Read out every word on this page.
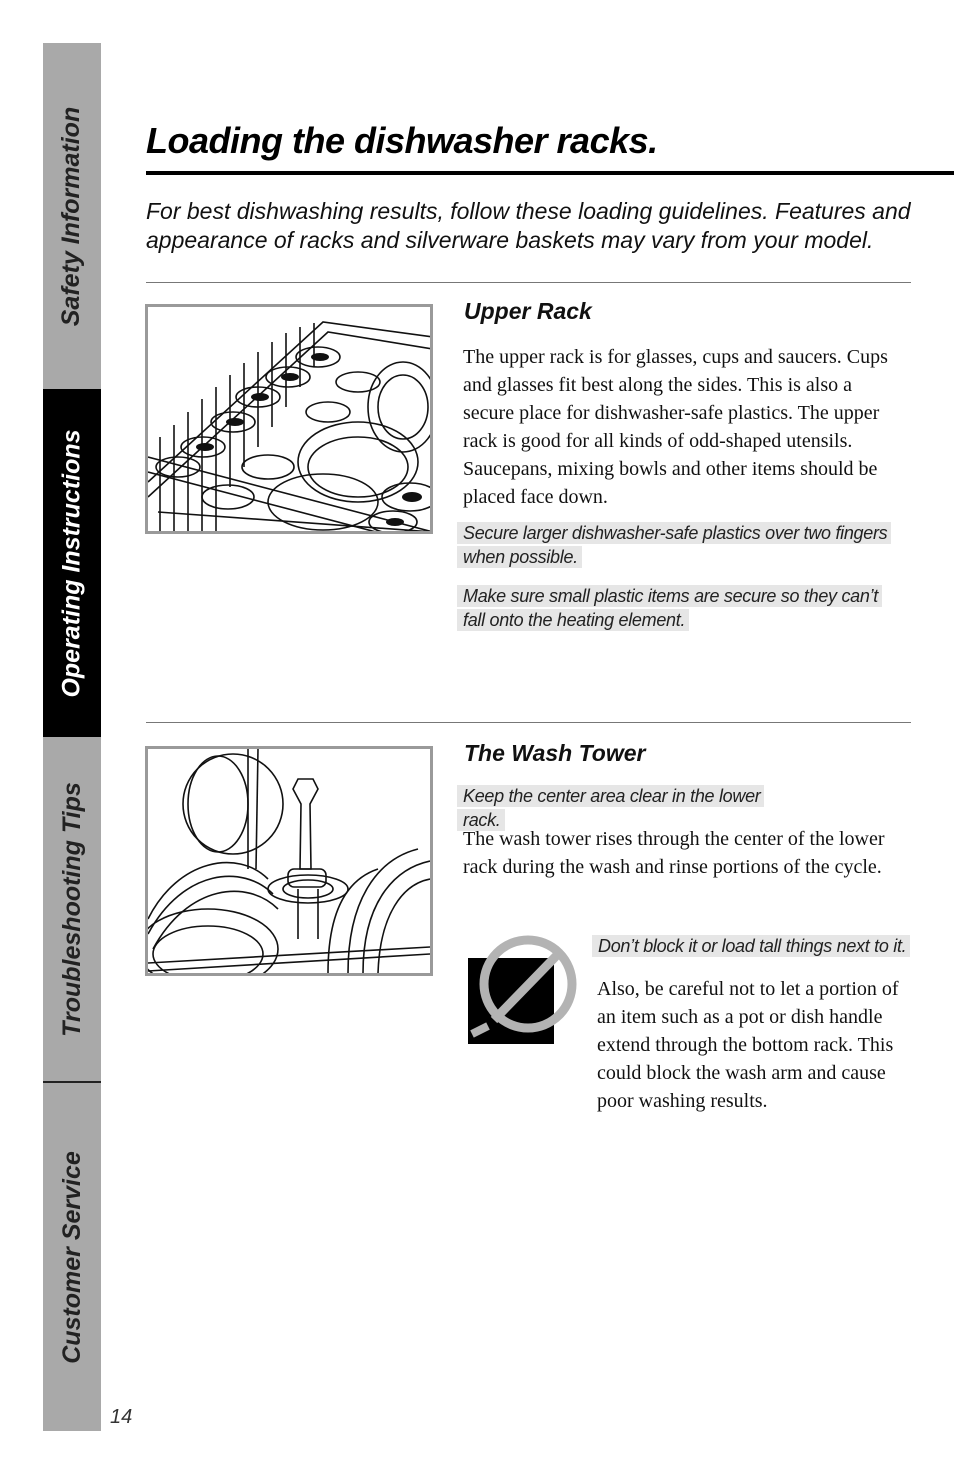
Safety Information
Operating Instructions
Troubleshooting Tips
Customer Service
Loading the dishwasher racks.

For best dishwashing results, follow these loading guidelines. Features and appearance of racks and silverware baskets may vary from your model.

Upper Rack

The upper rack is for glasses, cups and saucers. Cups and glasses fit best along the sides. This is also a secure place for dishwasher-safe plastics. The upper rack is good for all kinds of odd-shaped utensils. Saucepans, mixing bowls and other items should be placed face down.

Secure larger dishwasher-safe plastics over two fingers when possible.

Make sure small plastic items are secure so they can’t fall onto the heating element.

The Wash Tower

Keep the center area clear in the lower rack.

The wash tower rises through the center of the lower rack during the wash and rinse portions of the cycle.

Don’t block it or load tall things next to it.

Also, be careful not to let a portion of an item such as a pot or dish handle extend through the bottom rack. This could block the wash arm and cause poor washing results.

14
